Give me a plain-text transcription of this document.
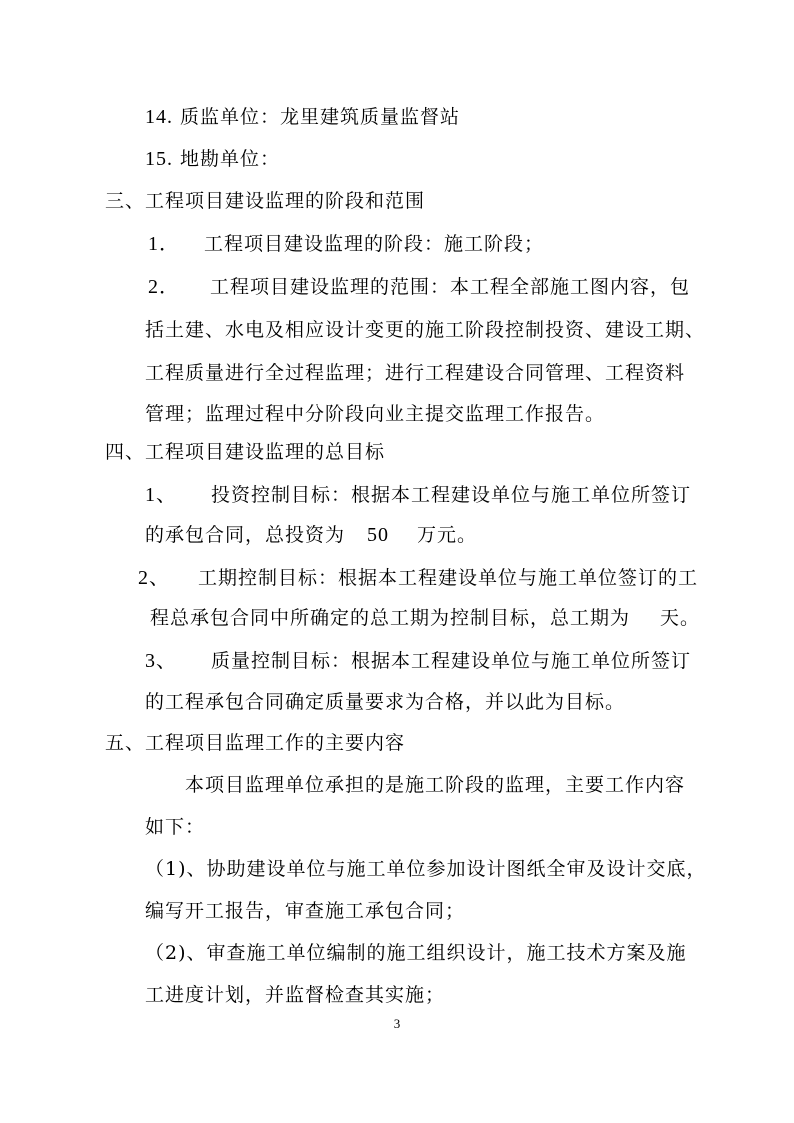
14. 质监单位：龙里建筑质量监督站
15. 地勘单位：
三、工程项目建设监理的阶段和范围
1． 工程项目建设监理的阶段：施工阶段；
2． 工程项目建设监理的范围：本工程全部施工图内容，包
括土建、水电及相应设计变更的施工阶段控制投资、建设工期、
工程质量进行全过程监理；进行工程建设合同管理、工程资料
管理；监理过程中分阶段向业主提交监理工作报告。
四、工程项目建设监理的总目标
1、 投资控制目标：根据本工程建设单位与施工单位所签订
的承包合同，总投资为 50 万元。
2、 工期控制目标：根据本工程建设单位与施工单位签订的工
程总承包合同中所确定的总工期为控制目标，总工期为 天。
3、 质量控制目标：根据本工程建设单位与施工单位所签订
的工程承包合同确定质量要求为合格，并以此为目标。
五、工程项目监理工作的主要内容
本项目监理单位承担的是施工阶段的监理，主要工作内容
如下：
（1)、协助建设单位与施工单位参加设计图纸全审及设计交底，
编写开工报告，审查施工承包合同；
（2)、审查施工单位编制的施工组织设计，施工技术方案及施
工进度计划，并监督检查其实施；
3
